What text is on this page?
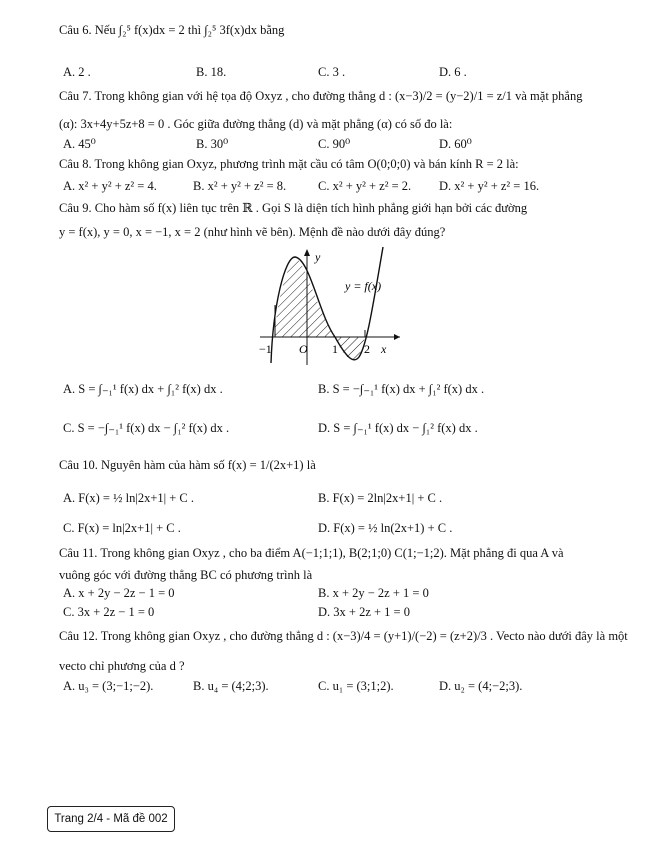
Câu 6. Nếu ∫₂⁵ f(x)dx = 2 thì ∫₂⁵ 3f(x)dx bằng
A. 2 .	B. 18.	C. 3 .	D. 6 .
Câu 7. Trong không gian với hệ tọa độ Oxyz , cho đường thẳng d : (x−3)/2 = (y−2)/1 = z/1 và mặt phẳng
(α): 3x+4y+5z+8 = 0 . Góc giữa đường thẳng (d) và mặt phẳng (α) có số đo là:
A. 45⁰	B. 30⁰	C. 90⁰	D. 60⁰
Câu 8. Trong không gian Oxyz, phương trình mặt cầu có tâm O(0;0;0) và bán kính R = 2 là:
A. x² + y² + z² = 4.	B. x² + y² + z² = 8.	C. x² + y² + z² = 2. D. x² + y² + z² = 16.
Câu 9. Cho hàm số f(x) liên tục trên ℝ . Gọi S là diện tích hình phẳng giới hạn bởi các đường
y = f(x), y = 0, x = −1, x = 2 (như hình vẽ bên). Mệnh đề nào dưới đây đúng?
y
y = f(x)
−1 O 1 2 x
A. S = ∫₋₁¹ f(x) dx + ∫₁² f(x) dx .	B. S = −∫₋₁¹ f(x) dx + ∫₁² f(x) dx .
C. S = −∫₋₁¹ f(x) dx − ∫₁² f(x) dx .	D. S = ∫₋₁¹ f(x) dx − ∫₁² f(x) dx .
Câu 10. Nguyên hàm của hàm số f(x) = 1/(2x+1) là
A. F(x) = ½ ln|2x+1| + C .	B. F(x) = 2ln|2x+1| + C .
C. F(x) = ln|2x+1| + C .	D. F(x) = ½ ln(2x+1) + C .
Câu 11. Trong không gian Oxyz , cho ba điểm A(−1;1;1), B(2;1;0) C(1;−1;2). Mặt phẳng đi qua A và
vuông góc với đường thẳng BC có phương trình là
A. x + 2y − 2z − 1 = 0	B. x + 2y − 2z + 1 = 0
C. 3x + 2z − 1 = 0	D. 3x + 2z + 1 = 0
Câu 12. Trong không gian Oxyz , cho đường thẳng d : (x−3)/4 = (y+1)/(−2) = (z+2)/3 . Vecto nào dưới đây là một
vecto chỉ phương của d ?
A. u₃ = (3;−1;−2).	B. u₄ = (4;2;3).	C. u₁ = (3;1;2).	D. u₂ = (4;−2;3).
Trang 2/4 - Mã đề 002
